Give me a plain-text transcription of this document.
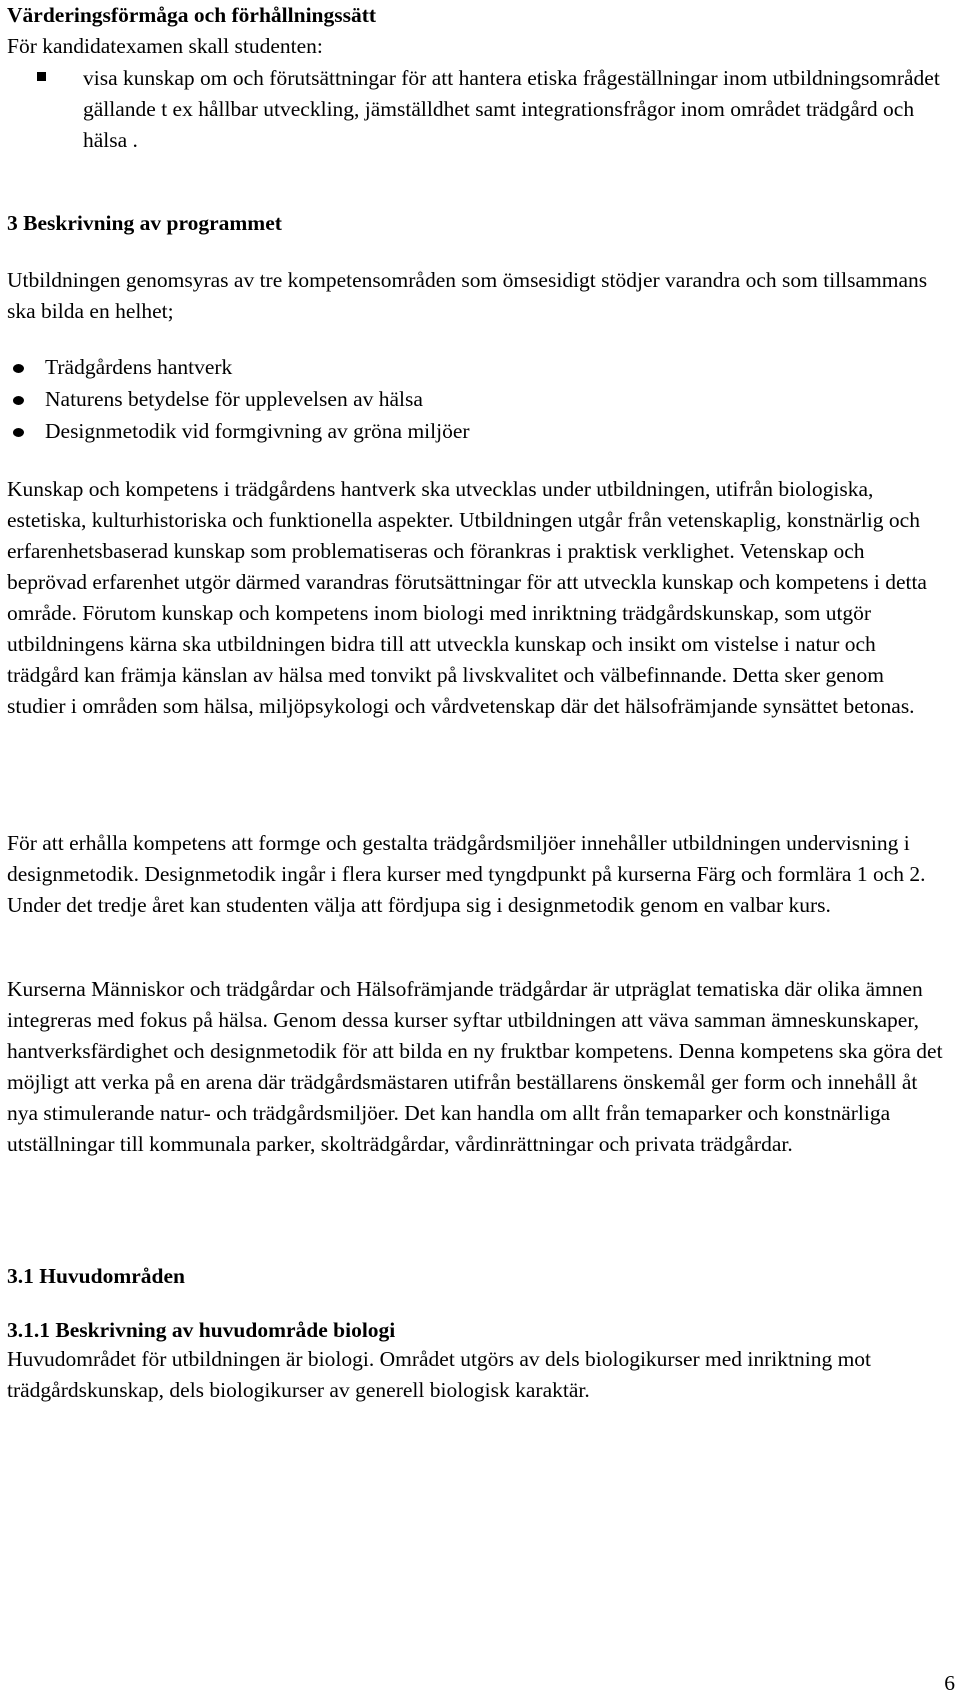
Värderingsförmåga och förhållningssätt

För kandidatexamen skall studenten:

visa kunskap om och förutsättningar för att hantera etiska frågeställningar inom utbildningsområdet gällande t ex hållbar utveckling, jämställdhet samt integrationsfrågor inom området trädgård och hälsa .

3 Beskrivning av programmet

Utbildningen genomsyras av tre kompetensområden som ömsesidigt stödjer varandra och som tillsammans ska bilda en helhet;

Trädgårdens hantverk
Naturens betydelse för upplevelsen av hälsa
Designmetodik vid formgivning av gröna miljöer

Kunskap och kompetens i trädgårdens hantverk ska utvecklas under utbildningen, utifrån biologiska, estetiska, kulturhistoriska och funktionella aspekter. Utbildningen utgår från vetenskaplig, konstnärlig och erfarenhetsbaserad kunskap som problematiseras och förankras i praktisk verklighet. Vetenskap och beprövad erfarenhet utgör därmed varandras förutsättningar för att utveckla kunskap och kompetens i detta område. Förutom kunskap och kompetens inom biologi med inriktning trädgårdskunskap, som utgör utbildningens kärna ska utbildningen bidra till att utveckla kunskap och insikt om vistelse i natur och trädgård kan främja känslan av hälsa med tonvikt på livskvalitet och välbefinnande. Detta sker genom studier i områden som hälsa, miljöpsykologi och vårdvetenskap där det hälsofrämjande synsättet betonas.

För att erhålla kompetens att formge och gestalta trädgårdsmiljöer innehåller utbildningen undervisning i designmetodik. Designmetodik ingår i flera kurser med tyngdpunkt på kurserna Färg och formlära 1 och 2. Under det tredje året kan studenten välja att fördjupa sig i designmetodik genom en valbar kurs.

Kurserna Människor och trädgårdar och Hälsofrämjande trädgårdar är utpräglat tematiska där olika ämnen integreras med fokus på hälsa. Genom dessa kurser syftar utbildningen att väva samman ämneskunskaper, hantverksfärdighet och designmetodik för att bilda en ny fruktbar kompetens. Denna kompetens ska göra det möjligt att verka på en arena där trädgårdsmästaren utifrån beställarens önskemål ger form och innehåll åt nya stimulerande natur- och trädgårdsmiljöer. Det kan handla om allt från temaparker och konstnärliga utställningar till kommunala parker, skolträdgårdar, vårdinrättningar och privata trädgårdar.

3.1 Huvudområden

3.1.1 Beskrivning av huvudområde biologi

Huvudområdet för utbildningen är biologi. Området utgörs av dels biologikurser med inriktning mot trädgårdskunskap, dels biologikurser av generell biologisk karaktär.

6
